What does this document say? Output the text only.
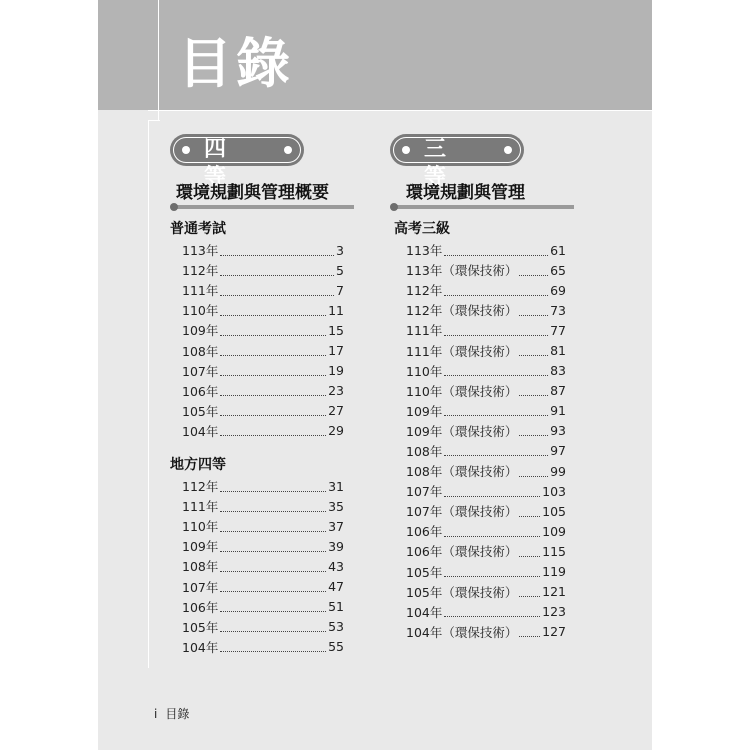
目錄
四 等
三 等
環境規劃與管理概要	環境規劃與管理
普通考試
113年	3
112年	5
111年	7
110年	11
109年	15
108年	17
107年	19
106年	23
105年	27
104年	29
地方四等
112年	31
111年	35
110年	37
109年	39
108年	43
107年	47
106年	51
105年	53
104年	55
高考三級
113年	61
113年（環保技術）	65
112年	69
112年（環保技術）	73
111年	77
111年（環保技術）	81
110年	83
110年（環保技術）	87
109年	91
109年（環保技術）	93
108年	97
108年（環保技術）	99
107年	103
107年（環保技術） 105
106年	109
106年（環保技術） 115
105年	119
105年（環保技術） 121
104年	123
104年（環保技術） 127
i 目錄
